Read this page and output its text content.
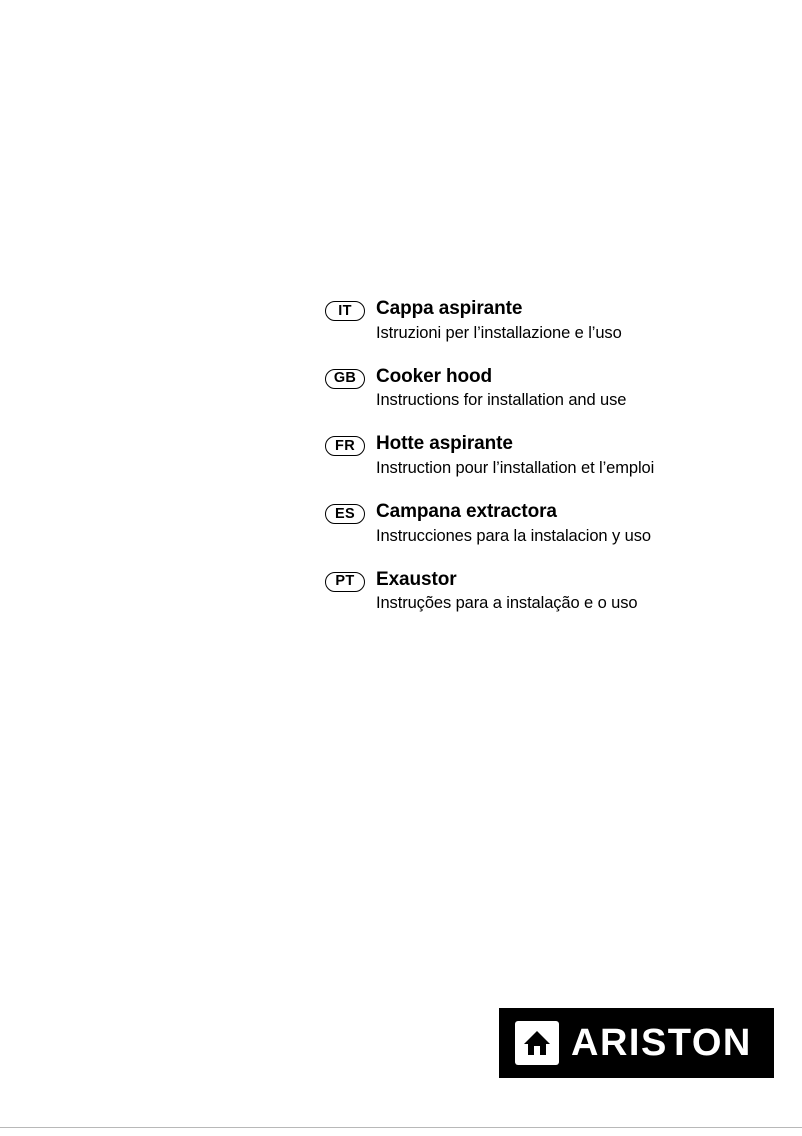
IT	Cappa aspirante
Istruzioni per l’installazione e l’uso
GB	Cooker hood
Instructions for installation and use
FR	Hotte aspirante
Instruction pour l’installation et l’emploi
ES	Campana extractora
Instrucciones para la instalacion y uso
PT	Exaustor
Instruções para a instalação e o uso
ARISTON
